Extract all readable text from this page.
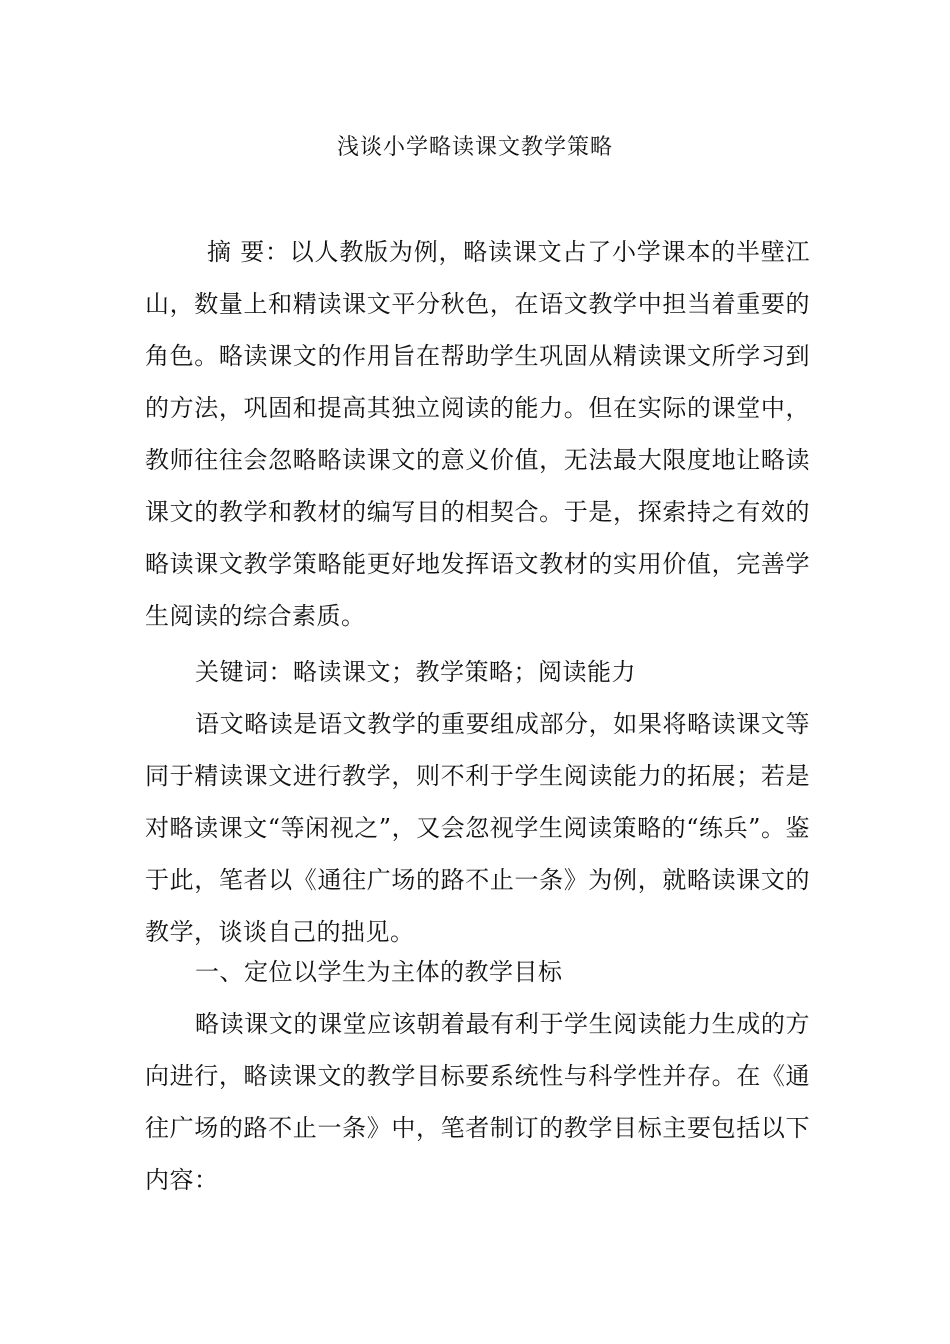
浅谈小学略读课文教学策略
摘 要：以人教版为例，略读课文占了小学课本的半壁江山，数量上和精读课文平分秋色，在语文教学中担当着重要的角色。略读课文的作用旨在帮助学生巩固从精读课文所学习到的方法，巩固和提高其独立阅读的能力。但在实际的课堂中，教师往往会忽略略读课文的意义价值，无法最大限度地让略读课文的教学和教材的编写目的相契合。于是，探索持之有效的略读课文教学策略能更好地发挥语文教材的实用价值，完善学生阅读的综合素质。
关键词：略读课文；教学策略；阅读能力
语文略读是语文教学的重要组成部分，如果将略读课文等同于精读课文进行教学，则不利于学生阅读能力的拓展；若是对略读课文“等闲视之”，又会忽视学生阅读策略的“练兵”。鉴于此，笔者以《通往广场的路不止一条》为例，就略读课文的教学，谈谈自己的拙见。
一、定位以学生为主体的教学目标
略读课文的课堂应该朝着最有利于学生阅读能力生成的方向进行，略读课文的教学目标要系统性与科学性并存。在《通往广场的路不止一条》中，笔者制订的教学目标主要包括以下内容：
